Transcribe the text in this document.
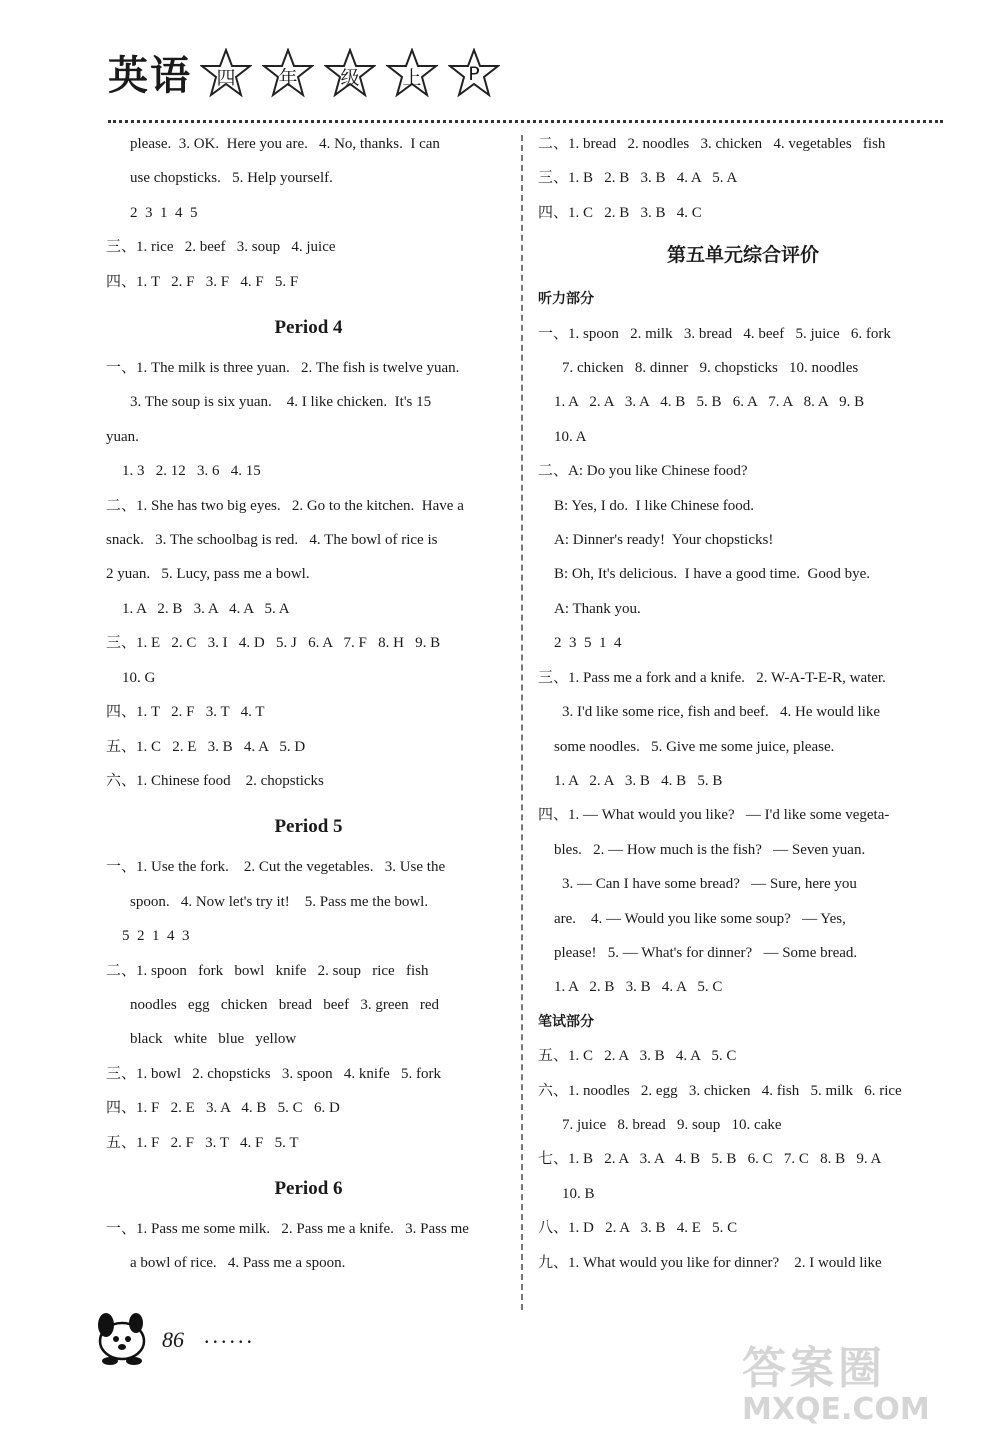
英语	四	年	级	上	P
please.  3. OK.  Here you are.   4. No, thanks.  I can
use chopsticks.   5. Help yourself.
2  3  1  4  5
三、1. rice   2. beef   3. soup   4. juice
四、1. T   2. F   3. F   4. F   5. F
Period 4
一、1. The milk is three yuan.   2. The fish is twelve yuan.
3. The soup is six yuan.    4. I like chicken.  It's 15
yuan.
1. 3   2. 12   3. 6   4. 15
二、1. She has two big eyes.   2. Go to the kitchen.  Have a
snack.   3. The schoolbag is red.   4. The bowl of rice is
2 yuan.   5. Lucy, pass me a bowl.
1. A   2. B   3. A   4. A   5. A
三、1. E   2. C   3. I   4. D   5. J   6. A   7. F   8. H   9. B
10. G
四、1. T   2. F   3. T   4. T
五、1. C   2. E   3. B   4. A   5. D
六、1. Chinese food    2. chopsticks
Period 5
一、1. Use the fork.    2. Cut the vegetables.   3. Use the
spoon.   4. Now let's try it!    5. Pass me the bowl.
5  2  1  4  3
二、1. spoon   fork   bowl   knife   2. soup   rice   fish
noodles   egg   chicken   bread   beef   3. green   red
black   white   blue   yellow
三、1. bowl   2. chopsticks   3. spoon   4. knife   5. fork
四、1. F   2. E   3. A   4. B   5. C   6. D
五、1. F   2. F   3. T   4. F   5. T
Period 6
一、1. Pass me some milk.   2. Pass me a knife.   3. Pass me
a bowl of rice.   4. Pass me a spoon.
二、1. bread   2. noodles   3. chicken   4. vegetables   fish
三、1. B   2. B   3. B   4. A   5. A
四、1. C   2. B   3. B   4. C
第五单元综合评价
听力部分
一、1. spoon   2. milk   3. bread   4. beef   5. juice   6. fork
7. chicken   8. dinner   9. chopsticks   10. noodles
1. A   2. A   3. A   4. B   5. B   6. A   7. A   8. A   9. B
10. A
二、A: Do you like Chinese food?
B: Yes, I do.  I like Chinese food.
A: Dinner's ready!  Your chopsticks!
B: Oh, It's delicious.  I have a good time.  Good bye.
A: Thank you.
2  3  5  1  4
三、1. Pass me a fork and a knife.   2. W-A-T-E-R, water.
3. I'd like some rice, fish and beef.   4. He would like
some noodles.   5. Give me some juice, please.
1. A   2. A   3. B   4. B   5. B
四、1. — What would you like?   — I'd like some vegeta-
bles.   2. — How much is the fish?   — Seven yuan.
3. — Can I have some bread?   — Sure, here you
are.    4. — Would you like some soup?   — Yes,
please!   5. — What's for dinner?   — Some bread.
1. A   2. B   3. B   4. A   5. C
笔试部分
五、1. C   2. A   3. B   4. A   5. C
六、1. noodles   2. egg   3. chicken   4. fish   5. milk   6. rice
7. juice   8. bread   9. soup   10. cake
七、1. B   2. A   3. A   4. B   5. B   6. C   7. C   8. B   9. A
10. B
八、1. D   2. A   3. B   4. E   5. C
九、1. What would you like for dinner?    2. I would like
86 ......
答案圈
MXQE.COM
